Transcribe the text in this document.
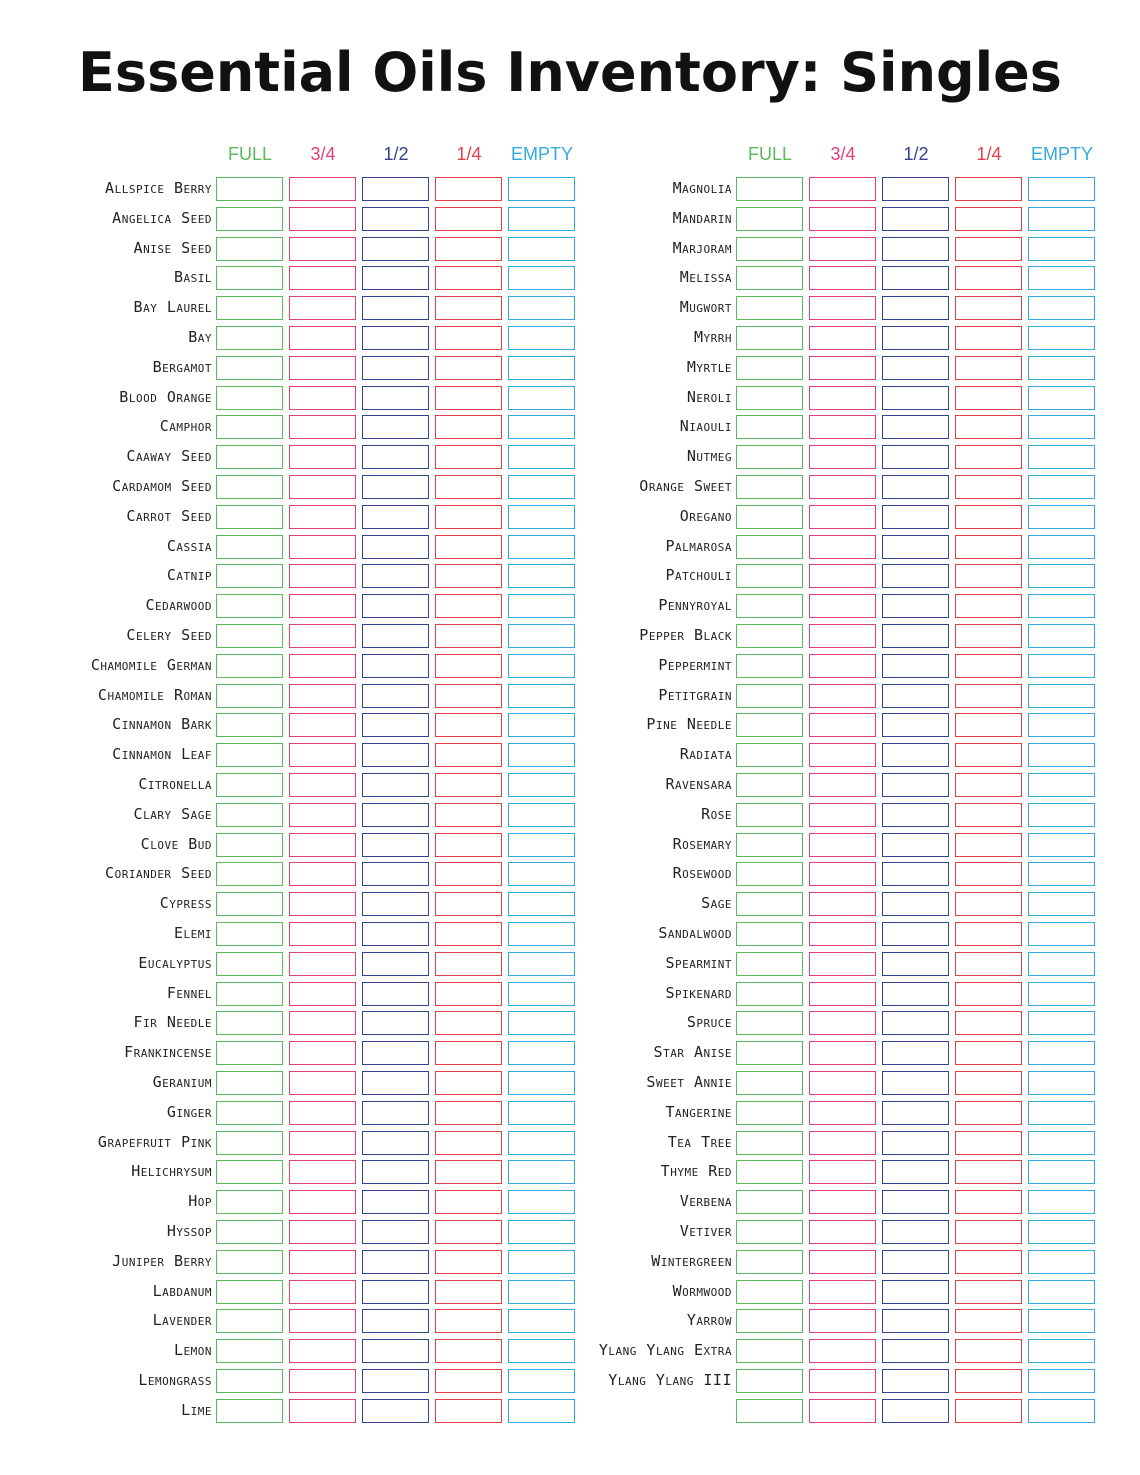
Essential Oils Inventory: Singles
FULL	3/4	1/2	1/4	EMPTY
Allspice Berry
Angelica Seed
Anise Seed
Basil
Bay Laurel
Bay
Bergamot
Blood Orange
Camphor
Caaway Seed
Cardamom Seed
Carrot Seed
Cassia
Catnip
Cedarwood
Celery Seed
Chamomile German
Chamomile Roman
Cinnamon Bark
Cinnamon Leaf
Citronella
Clary Sage
Clove Bud
Coriander Seed
Cypress
Elemi
Eucalyptus
Fennel
Fir Needle
Frankincense
Geranium
Ginger
Grapefruit Pink
Helichrysum
Hop
Hyssop
Juniper Berry
Labdanum
Lavender
Lemon
Lemongrass
Lime
FULL	3/4	1/2	1/4	EMPTY
Magnolia
Mandarin
Marjoram
Melissa
Mugwort
Myrrh
Myrtle
Neroli
Niaouli
Nutmeg
Orange Sweet
Oregano
Palmarosa
Patchouli
Pennyroyal
Pepper Black
Peppermint
Petitgrain
Pine Needle
Radiata
Ravensara
Rose
Rosemary
Rosewood
Sage
Sandalwood
Spearmint
Spikenard
Spruce
Star Anise
Sweet Annie
Tangerine
Tea Tree
Thyme Red
Verbena
Vetiver
Wintergreen
Wormwood
Yarrow
Ylang Ylang Extra
Ylang Ylang III
